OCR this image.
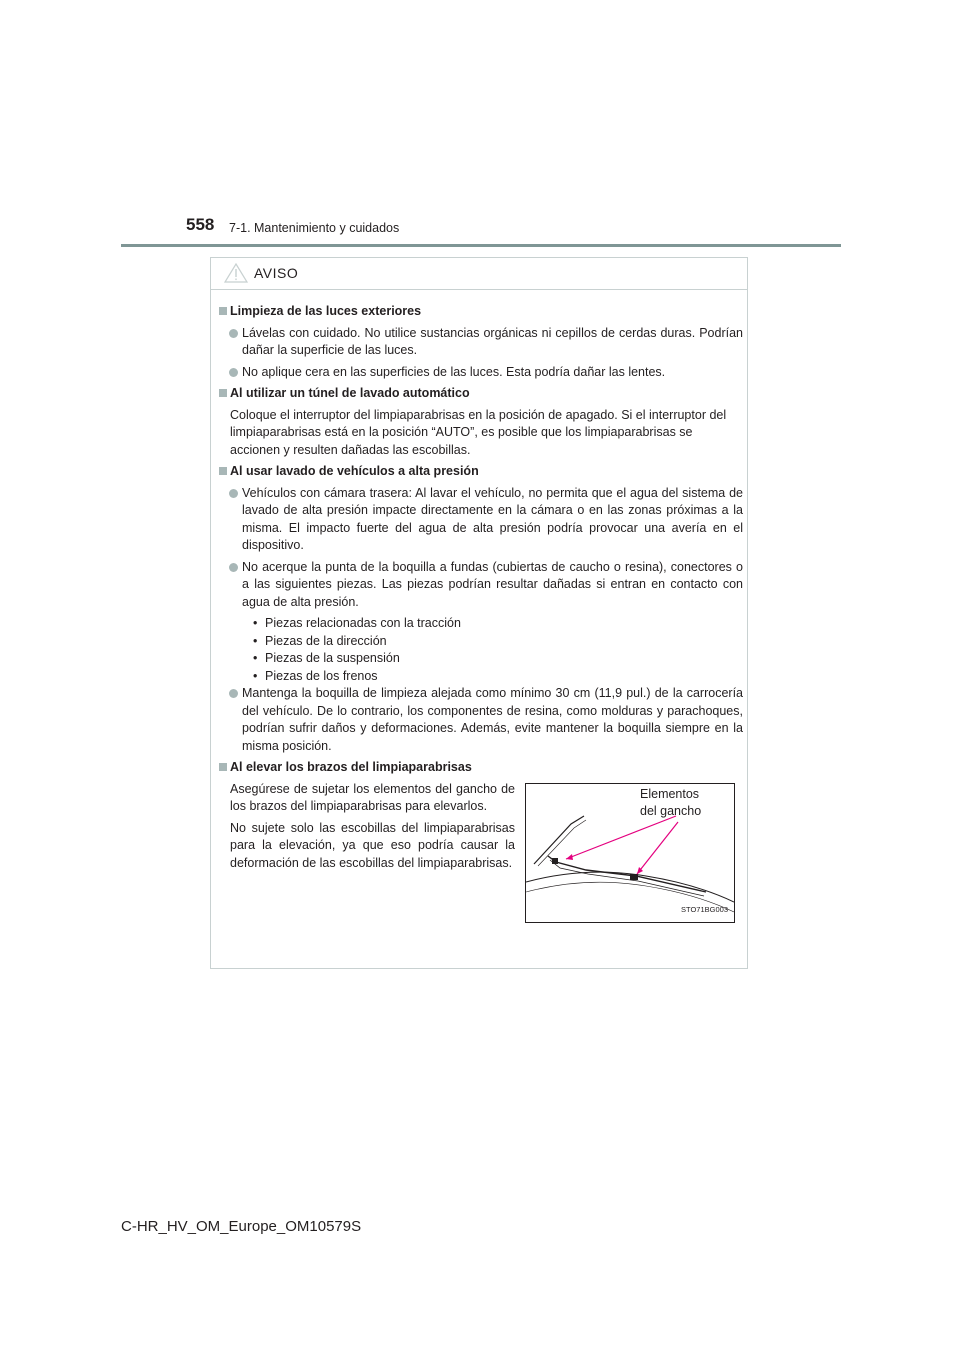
558 7-1. Mantenimiento y cuidados
AVISO
Limpieza de las luces exteriores
Lávelas con cuidado. No utilice sustancias orgánicas ni cepillos de cerdas duras. Podrían dañar la superficie de las luces.
No aplique cera en las superficies de las luces. Esta podría dañar las lentes.
Al utilizar un túnel de lavado automático
Coloque el interruptor del limpiaparabrisas en la posición de apagado. Si el interruptor del limpiaparabrisas está en la posición “AUTO”, es posible que los limpiaparabrisas se accionen y resulten dañadas las escobillas.
Al usar lavado de vehículos a alta presión
Vehículos con cámara trasera: Al lavar el vehículo, no permita que el agua del sistema de lavado de alta presión impacte directamente en la cámara o en las zonas próximas a la misma. El impacto fuerte del agua de alta presión podría provocar una avería en el dispositivo.
No acerque la punta de la boquilla a fundas (cubiertas de caucho o resina), conectores o a las siguientes piezas. Las piezas podrían resultar dañadas si entran en contacto con agua de alta presión.
• Piezas relacionadas con la tracción
• Piezas de la dirección
• Piezas de la suspensión
• Piezas de los frenos
Mantenga la boquilla de limpieza alejada como mínimo 30 cm (11,9 pul.) de la carrocería del vehículo. De lo contrario, los componentes de resina, como molduras y parachoques, podrían sufrir daños y deformaciones. Además, evite mantener la boquilla siempre en la misma posición.
Al elevar los brazos del limpiaparabrisas

Asegúrese de sujetar los elementos del gancho de los brazos del limpiaparabrisas para elevarlos.

No sujete solo las escobillas del limpiaparabrisas para la elevación, ya que eso podría causar la deformación de las escobillas del limpiaparabrisas.

Elementos
del gancho
STO71BG003
C-HR_HV_OM_Europe_OM10579S
